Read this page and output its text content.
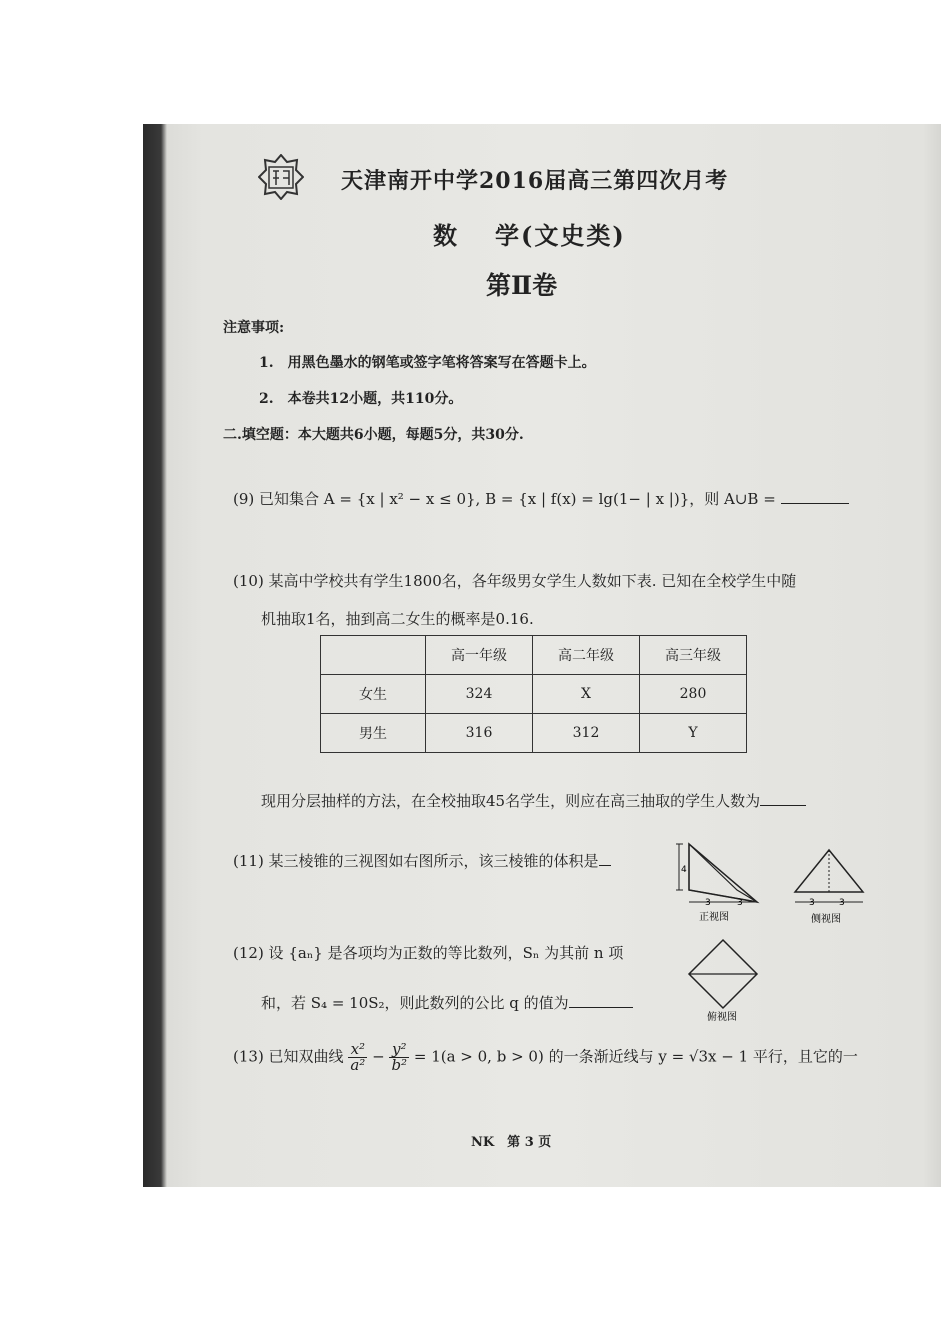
天津南开中学2016届高三第四次月考
数 学(文史类)
第Ⅱ卷
注意事项:
1.　用黑色墨水的钢笔或签字笔将答案写在答题卡上。
2.　本卷共12小题，共110分。
二.填空题：本大题共6小题，每题5分，共30分.
(9) 已知集合 A = {x | x² − x ≤ 0}, B = {x | f(x) = lg(1− | x |)}，则 A∪B =
(10) 某高中学校共有学生1800名，各年级男女学生人数如下表. 已知在全校学生中随
机抽取1名，抽到高二女生的概率是0.16.
	高一年级	高二年级	高三年级
女生	324	X	280
男生	316	312	Y
现用分层抽样的方法，在全校抽取45名学生，则应在高三抽取的学生人数为
(11) 某三棱锥的三视图如右图所示，该三棱锥的体积是	4
3	3
正视图
3	3
侧视图
俯视图
(12) 设 {aₙ} 是各项均为正数的等比数列，Sₙ 为其前 n 项
和，若 S₄ = 10S₂，则此数列的公比 q 的值为
(13) 已知双曲线 $\frac{\text{x²}}{\text{a²}} - \frac{\text{y²}}{\text{b²}} = 1(a > 0$, b > 0) 的一条渐近线与 y = √3x − 1 平行，且它的一
NK　第 3 页
